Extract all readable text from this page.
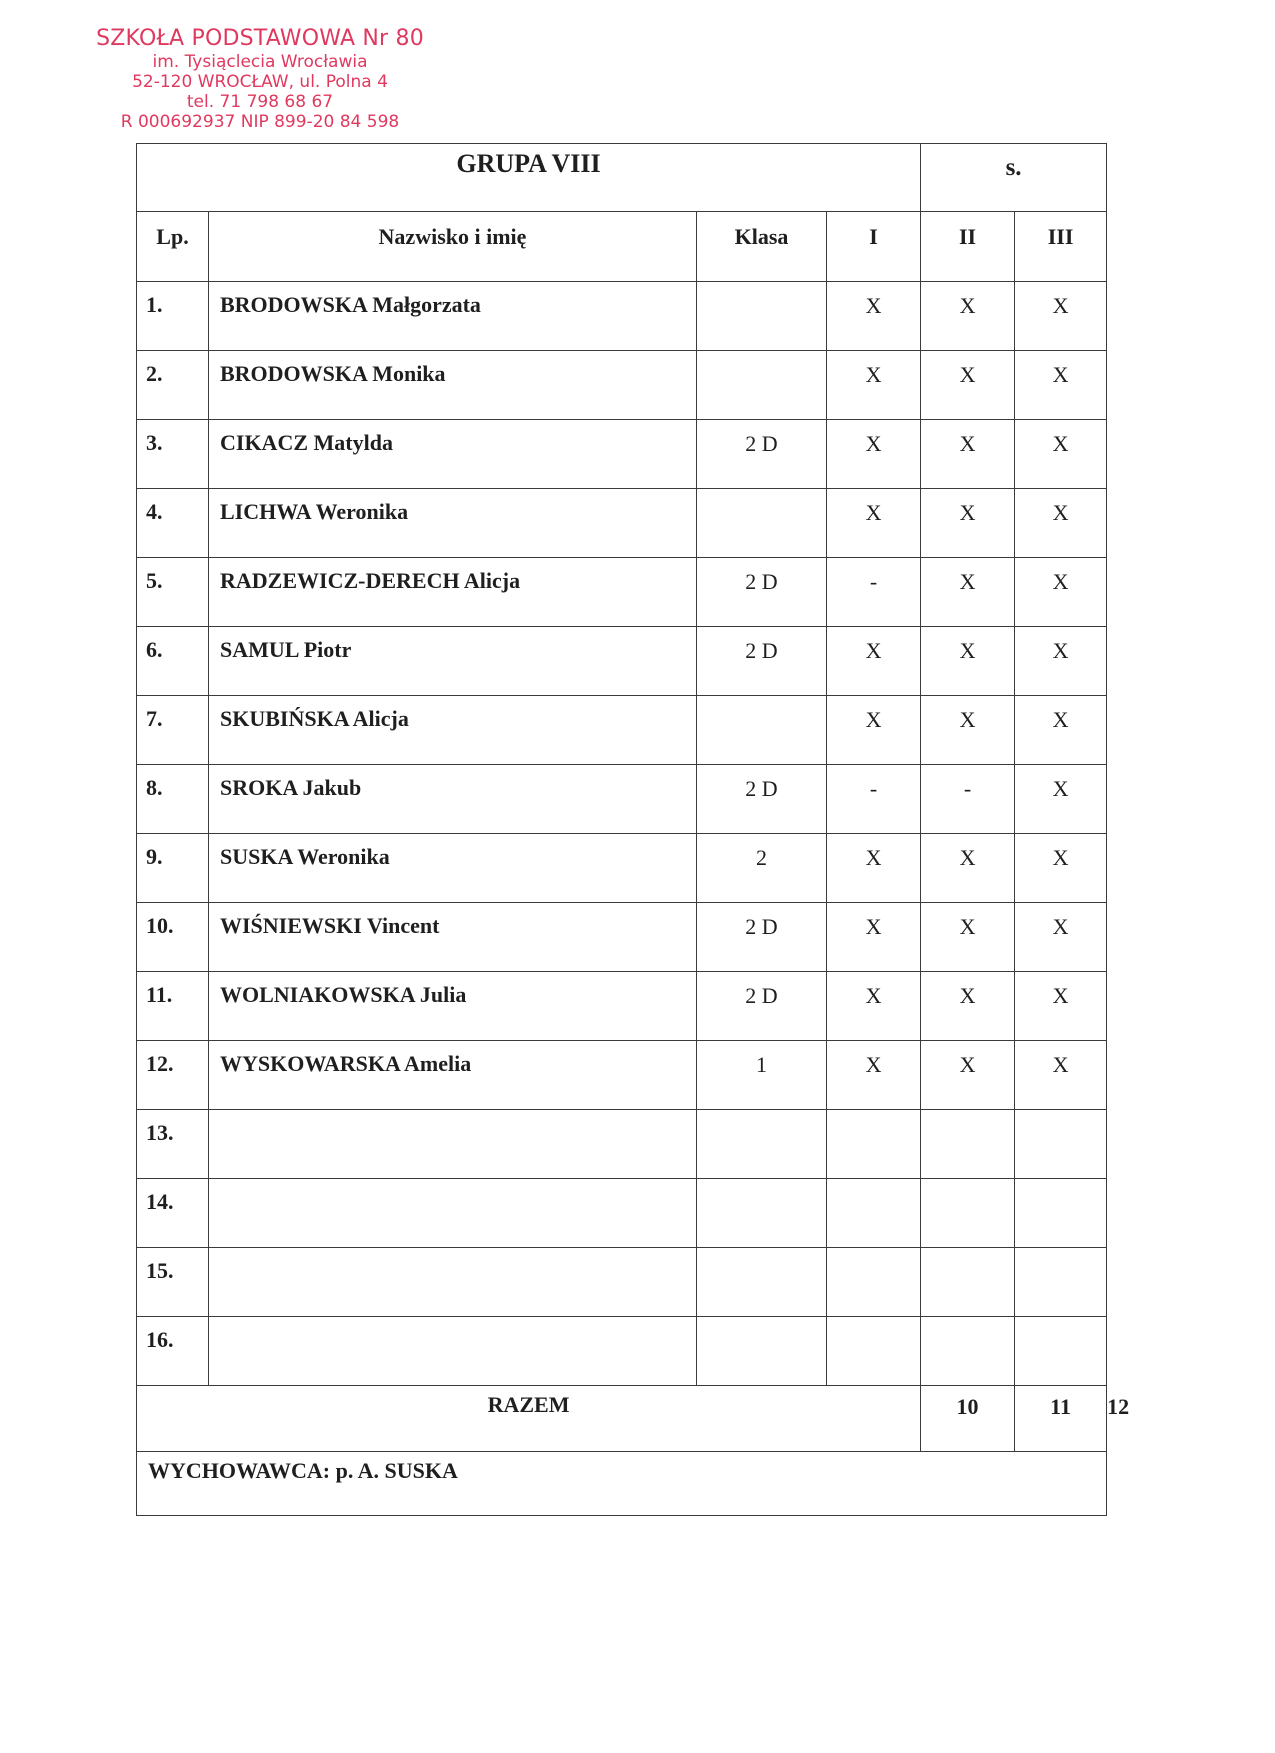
SZKOŁA PODSTAWOWA Nr 80
im. Tysiąclecia Wrocławia
52-120 WROCŁAW, ul. Polna 4
tel. 71 798 68 67
R 000692937 NIP 899-20 84 598
GRUPA VIII				s.		
Lp.	Nazwisko i imię	Klasa	I	II	III	
1.	BRODOWSKA Małgorzata		X	X	X	
2.	BRODOWSKA Monika		X	X	X	
3.	CIKACZ Matylda	2 D	X	X	X	
4.	LICHWA Weronika		X	X	X	
5.	RADZEWICZ-DERECH Alicja	2 D	-	X	X	
6.	SAMUL Piotr	2 D	X	X	X	
7.	SKUBIŃSKA Alicja		X	X	X	
8.	SROKA Jakub	2 D	-	-	X	
9.	SUSKA Weronika	2	X	X	X	
10.	WIŚNIEWSKI Vincent	2 D	X	X	X	
11.	WOLNIAKOWSKA Julia	2 D	X	X	X	
12.	WYSKOWARSKA Amelia	1	X	X	X	
13.						
14.						
15.						
16.						
RAZEM				10	11	12
WYCHOWAWCA: p. A. SUSKA						
